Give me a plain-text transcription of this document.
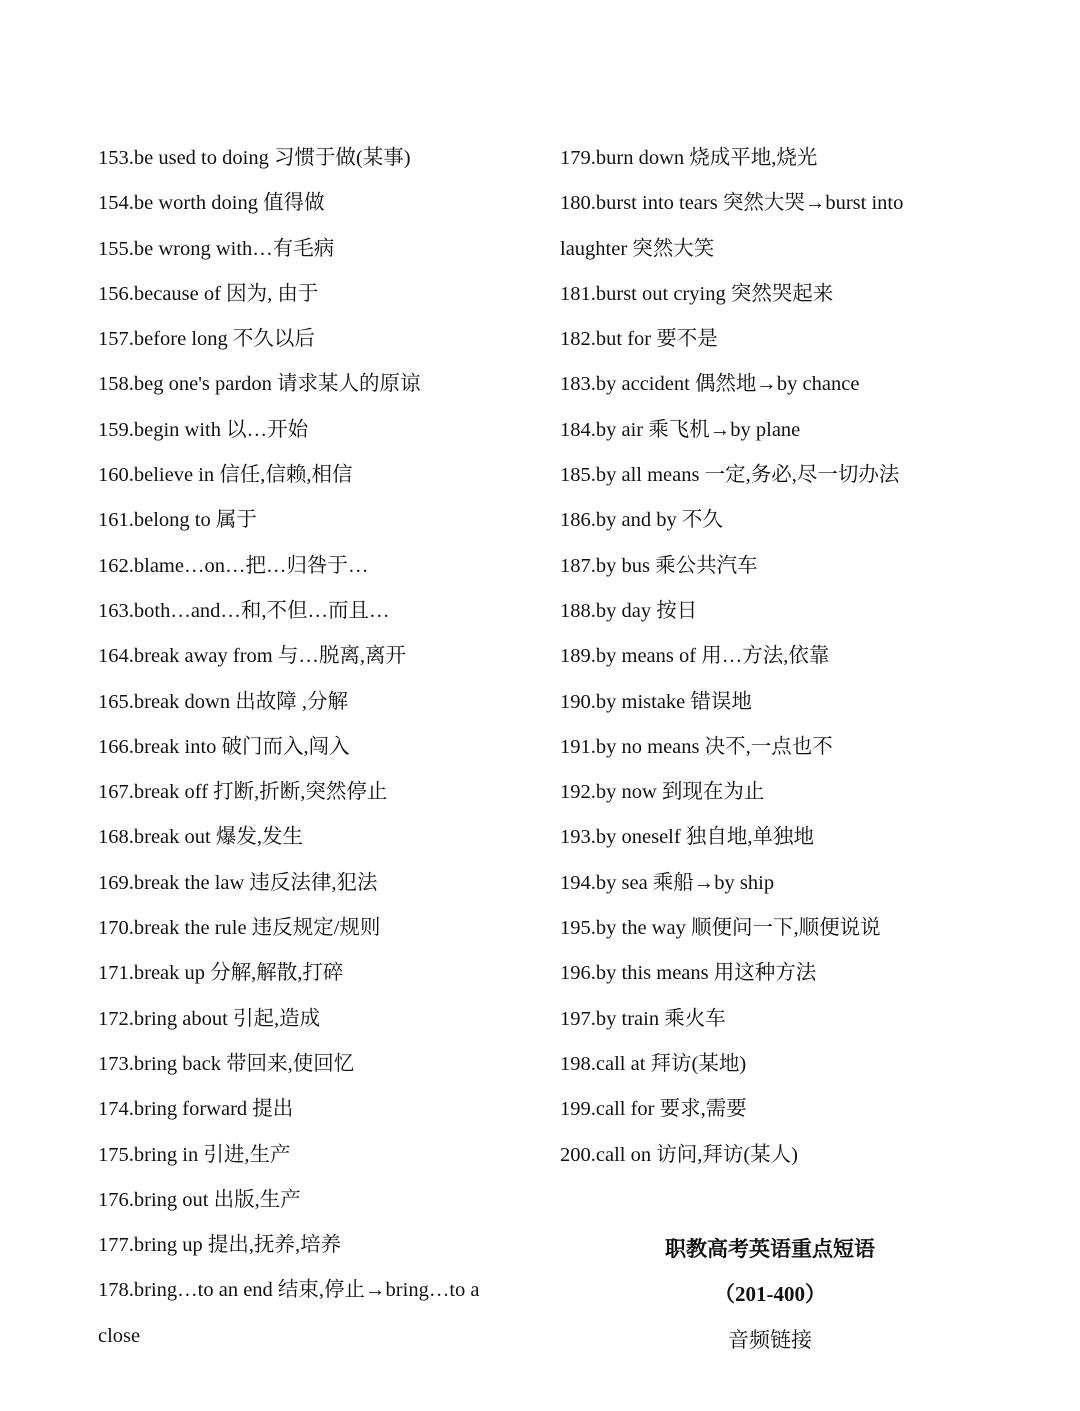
153.be used to doing 习惯于做(某事)
154.be worth doing 值得做
155.be wrong with…有毛病
156.because of 因为, 由于
157.before long 不久以后
158.beg one's pardon 请求某人的原谅
159.begin with 以…开始
160.believe in 信任,信赖,相信
161.belong to 属于
162.blame…on…把…归咎于…
163.both…and…和,不但…而且…
164.break away from 与…脱离,离开
165.break down 出故障 ,分解
166.break into 破门而入,闯入
167.break off 打断,折断,突然停止
168.break out 爆发,发生
169.break the law 违反法律,犯法
170.break the rule 违反规定/规则
171.break up 分解,解散,打碎
172.bring about 引起,造成
173.bring back 带回来,使回忆
174.bring forward 提出
175.bring in 引进,生产
176.bring out 出版,生产
177.bring up 提出,抚养,培养
178.bring…to an end 结束,停止→bring…to a
close
179.burn down 烧成平地,烧光
180.burst into tears 突然大哭→burst into
laughter 突然大笑
181.burst out crying 突然哭起来
182.but for 要不是
183.by accident 偶然地→by chance
184.by air 乘飞机→by plane
185.by all means 一定,务必,尽一切办法
186.by and by 不久
187.by bus 乘公共汽车
188.by day 按日
189.by means of 用…方法,依靠
190.by mistake 错误地
191.by no means 决不,一点也不
192.by now 到现在为止
193.by oneself 独自地,单独地
194.by sea 乘船→by ship
195.by the way 顺便问一下,顺便说说
196.by this means 用这种方法
197.by train 乘火车
198.call at 拜访(某地)
199.call for 要求,需要
200.call on 访问,拜访(某人)
职教高考英语重点短语
（201-400）
音频链接
